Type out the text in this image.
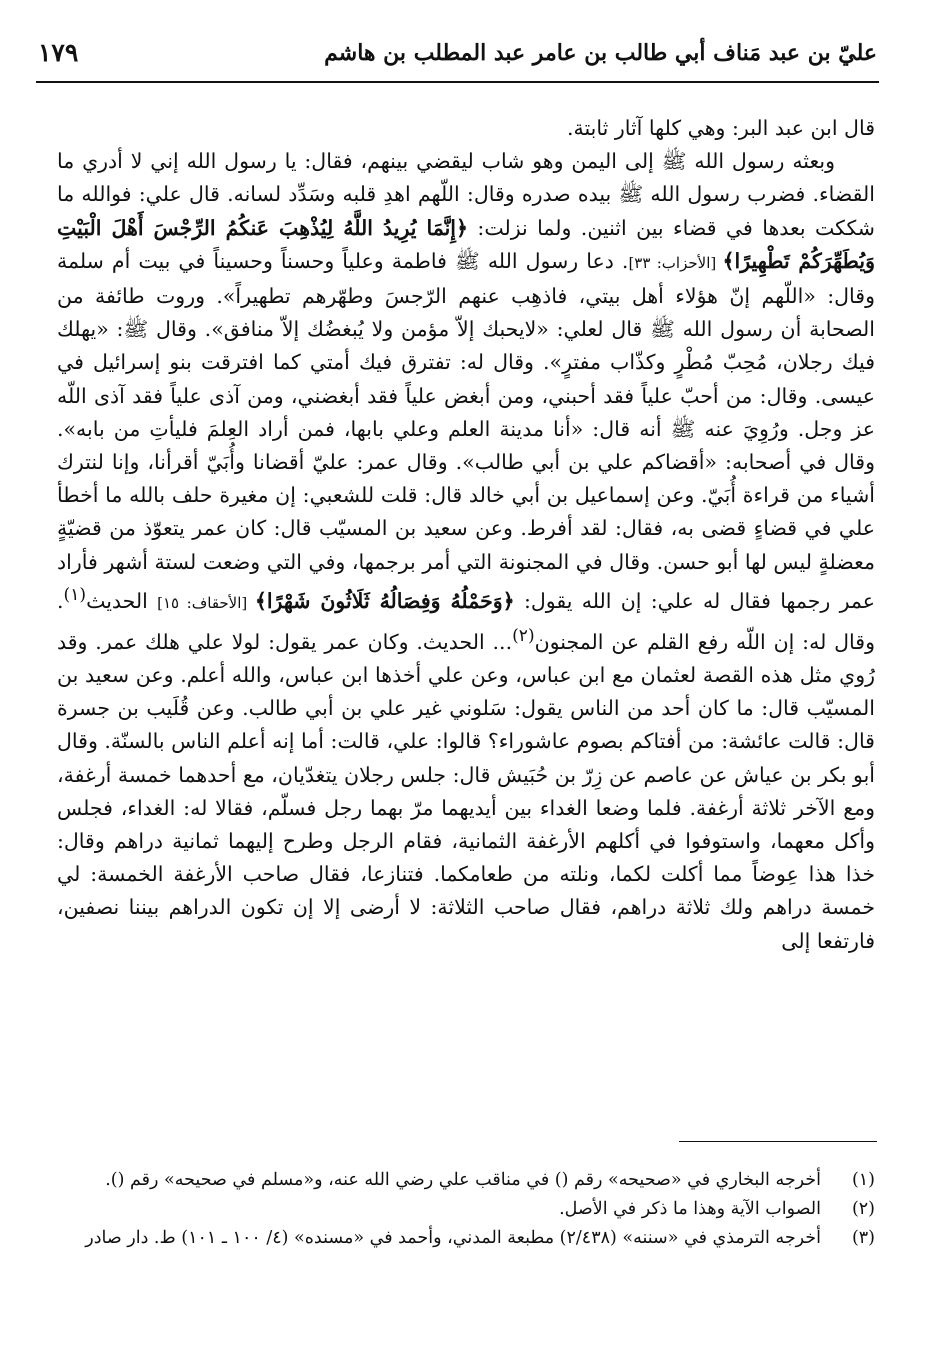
عليّ بن عبد مَناف أبي طالب بن عامر عبد المطلب بن هاشم
١٧٩

قال ابن عبد البر: وهي كلها آثار ثابتة.

وبعثه رسول الله ﷺ إلى اليمن وهو شاب ليقضي بينهم، فقال: يا رسول الله إني لا أدري ما القضاء. فضرب رسول الله ﷺ بيده صدره وقال: اللّهم اهدِ قلبه وسَدِّد لسانه. قال علي: فوالله ما شككت بعدها في قضاء بين اثنين. ولما نزلت: ﴿إِنَّمَا يُرِيدُ اللَّهُ لِيُذْهِبَ عَنكُمُ الرِّجْسَ أَهْلَ الْبَيْتِ وَيُطَهِّرَكُمْ تَطْهِيرًا﴾ [الأحزاب: ٣٣]. دعا رسول الله ﷺ فاطمة وعلياً وحسناً وحسيناً في بيت أم سلمة وقال: «اللّهم إنّ هؤلاء أهل بيتي، فاذهِب عنهم الرّجسَ وطهّرهم تطهيراً». وروت طائفة من الصحابة أن رسول الله ﷺ قال لعلي: «لايحبك إلاّ مؤمن ولا يُبغضُك إلاّ منافق». وقال ﷺ: «يهلك فيك رجلان، مُحِبّ مُطْرٍ وكذّاب مفترٍ». وقال له: تفترق فيك أمتي كما افترقت بنو إسرائيل في عيسى. وقال: من أحبّ علياً فقد أحبني، ومن أبغض علياً فقد أبغضني، ومن آذى علياً فقد آذى اللّه عز وجل. ورُوِيَ عنه ﷺ أنه قال: «أنا مدينة العلم وعلي بابها، فمن أراد العِلمَ فليأتِ من بابه». وقال في أصحابه: «أقضاكم علي بن أبي طالب». وقال عمر: عليّ أقضانا وأُبَيّ أقرأنا، وإنا لنترك أشياء من قراءة أُبَيّ. وعن إسماعيل بن أبي خالد قال: قلت للشعبي: إن مغيرة حلف بالله ما أخطأ علي في قضاءٍ قضى به، فقال: لقد أفرط. وعن سعيد بن المسيّب قال: كان عمر يتعوّذ من قضيّةٍ معضلةٍ ليس لها أبو حسن. وقال في المجنونة التي أمر برجمها، وفي التي وضعت لستة أشهر فأراد عمر رجمها فقال له علي: إن الله يقول: ﴿وَحَمْلُهُ وَفِصَالُهُ ثَلَاثُونَ شَهْرًا﴾ [الأحقاف: ١٥] الحديث$^{(١)}$. وقال له: إن اللّه رفع القلم عن المجنون$^{(٢)}$... الحديث. وكان عمر يقول: لولا علي هلك عمر. وقد رُوي مثل هذه القصة لعثمان مع ابن عباس، وعن علي أخذها ابن عباس، والله أعلم. وعن سعيد بن المسيّب قال: ما كان أحد من الناس يقول: سَلوني غير علي بن أبي طالب. وعن قُلَيب بن جسرة قال: قالت عائشة: من أفتاكم بصوم عاشوراء؟ قالوا: علي، قالت: أما إنه أعلم الناس بالسنّة. وقال أبو بكر بن عياش عن عاصم عن زِرّ بن حُبَيش قال: جلس رجلان يتغدّيان، مع أحدهما خمسة أرغفة، ومع الآخر ثلاثة أرغفة. فلما وضعا الغداء بين أيديهما مرّ بهما رجل فسلّم، فقالا له: الغداء، فجلس وأكل معهما، واستوفوا في أكلهم الأرغفة الثمانية، فقام الرجل وطرح إليهما ثمانية دراهم وقال: خذا هذا عِوضاً مما أكلت لكما، ونلته من طعامكما. فتنازعا، فقال صاحب الأرغفة الخمسة: لي خمسة دراهم ولك ثلاثة دراهم، فقال صاحب الثلاثة: لا أرضى إلا إن تكون الدراهم بيننا نصفين، فارتفعا إلى

(١)
أخرجه البخاري في «صحيحه» رقم () في مناقب علي رضي الله عنه، و«مسلم في صحيحه» رقم ().
(٢)
الصواب الآية وهذا ما ذكر في الأصل.
(٣)
أخرجه الترمذي في «سننه» (٢/٤٣٨) مطبعة المدني، وأحمد في «مسنده» (٤/ ١٠٠ ـ ١٠١) ط. دار صادر
